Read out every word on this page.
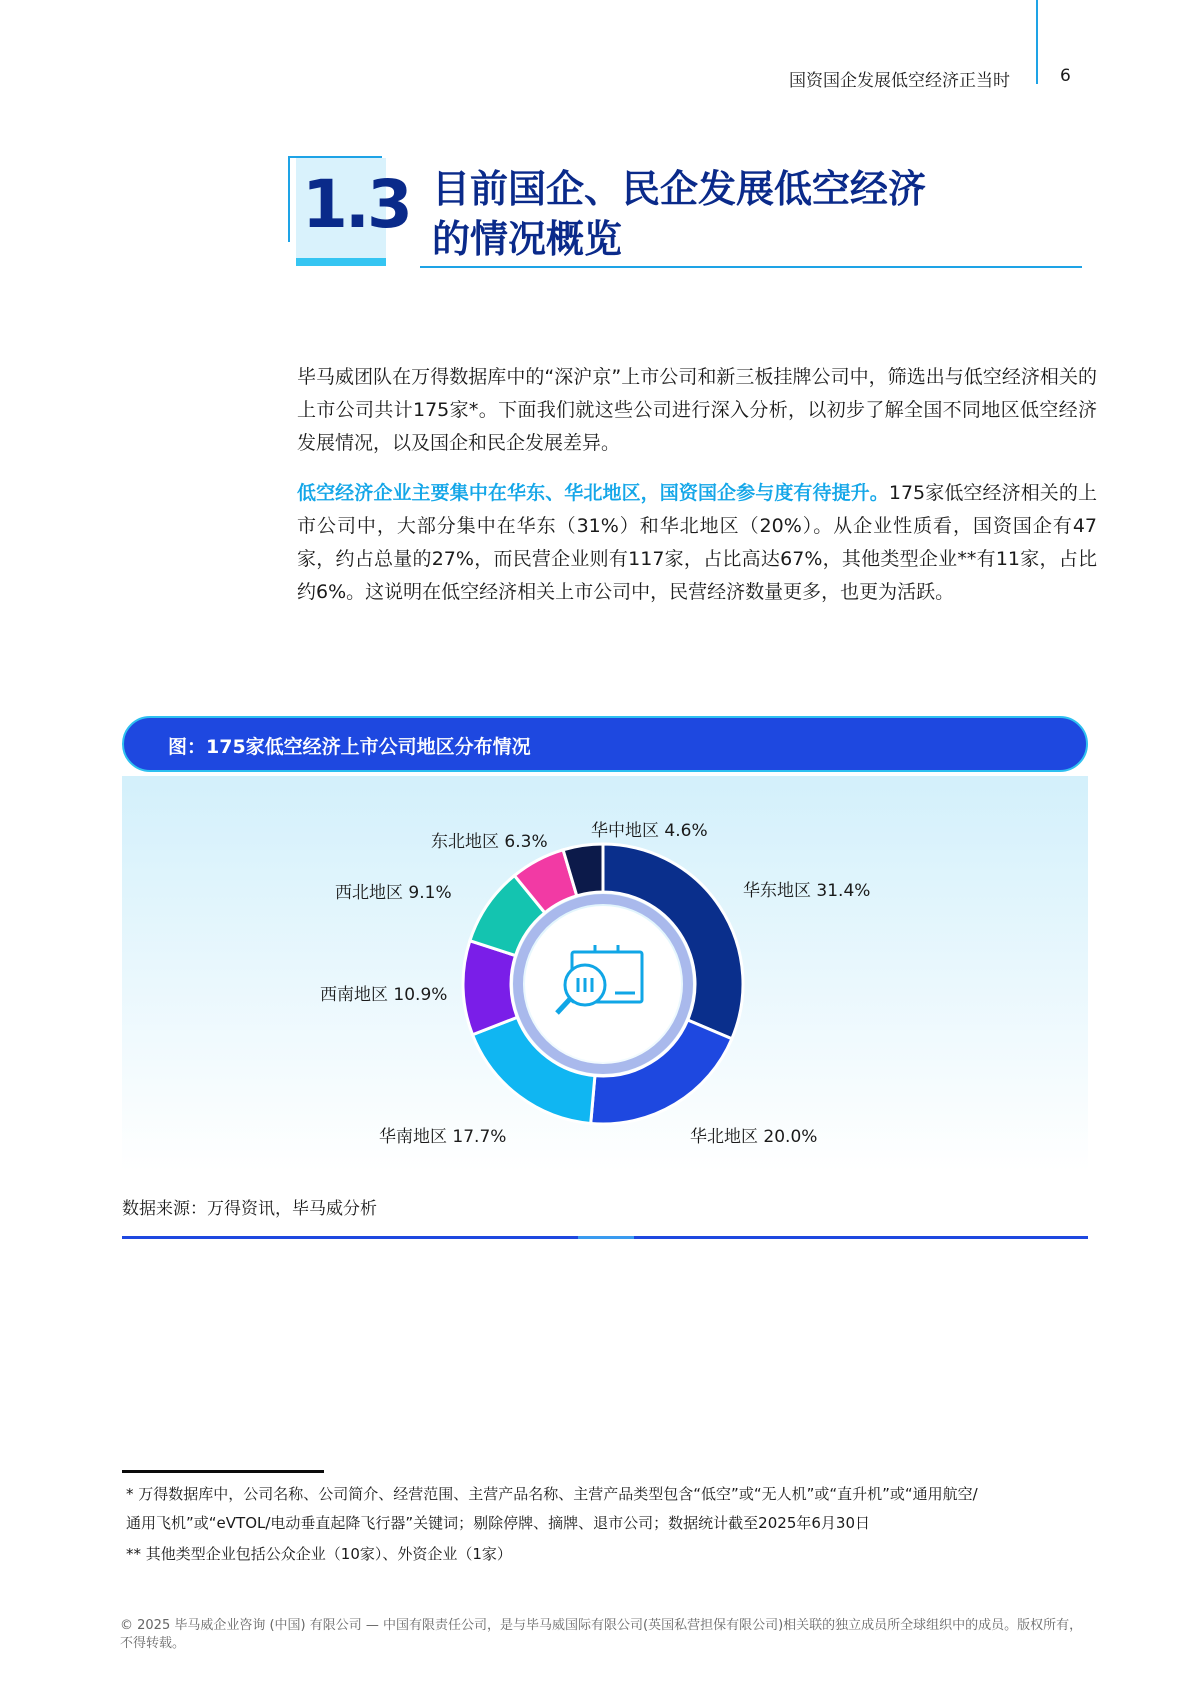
国资国企发展低空经济正当时	6
1.3 目前国企、民企发展低空经济
的情况概览
毕马威团队在万得数据库中的“深沪京”上市公司和新三板挂牌公司中，筛选出与低空经济相关的上市公司共计175家*。下面我们就这些公司进行深入分析，以初步了解全国不同地区低空经济发展情况，以及国企和民企发展差异。
低空经济企业主要集中在华东、华北地区，国资国企参与度有待提升。175家低空经济相关的上市公司中，大部分集中在华东（31%）和华北地区（20%）。从企业性质看，国资国企有47家，约占总量的27%，而民营企业则有117家，占比高达67%，其他类型企业**有11家，占比约6%。这说明在低空经济相关上市公司中，民营经济数量更多，也更为活跃。
图：175家低空经济上市公司地区分布情况
华东地区 31.4%
华北地区 20.0%
华南地区 17.7%
西南地区 10.9%
西北地区 9.1%
东北地区 6.3%
华中地区 4.6%
数据来源：万得资讯，毕马威分析
* 万得数据库中，公司名称、公司简介、经营范围、主营产品名称、主营产品类型包含“低空”或“无人机”或“直升机”或“通用航空/
通用飞机”或“eVTOL/电动垂直起降飞行器”关键词；剔除停牌、摘牌、退市公司；数据统计截至2025年6月30日
** 其他类型企业包括公众企业（10家）、外资企业（1家）
© 2025 毕马威企业咨询 (中国) 有限公司 — 中国有限责任公司，是与毕马威国际有限公司(英国私营担保有限公司)相关联的独立成员所全球组织中的成员。版权所有，不得转载。
